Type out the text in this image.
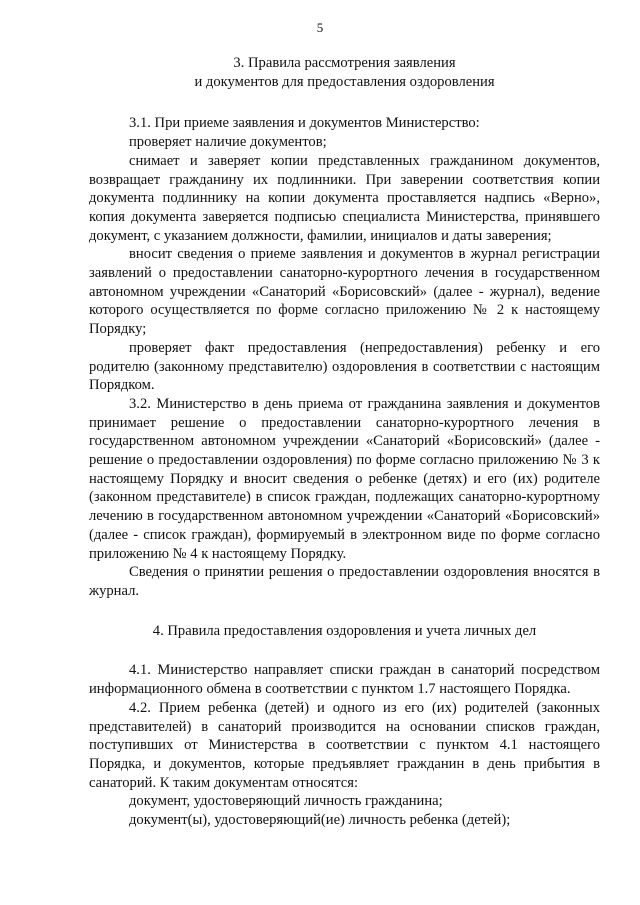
5
3. Правила рассмотрения заявления
и документов для предоставления оздоровления

3.1. При приеме заявления и документов Министерство:

проверяет наличие документов;

снимает и заверяет копии представленных гражданином документов, возвращает гражданину их подлинники. При заверении соответствия копии документа подлиннику на копии документа проставляется надпись «Верно», копия документа заверяется подписью специалиста Министерства, принявшего документ, с указанием должности, фамилии, инициалов и даты заверения;

вносит сведения о приеме заявления и документов в журнал регистрации заявлений о предоставлении санаторно-курортного лечения в государственном автономном учреждении «Санаторий «Борисовский» (далее - журнал), ведение которого осуществляется по форме согласно приложению № 2 к настоящему Порядку;

проверяет факт предоставления (непредоставления) ребенку и его родителю (законному представителю) оздоровления в соответствии с настоящим Порядком.

3.2. Министерство в день приема от гражданина заявления и документов принимает решение о предоставлении санаторно-курортного лечения в государственном автономном учреждении «Санаторий «Борисовский» (далее - решение о предоставлении оздоровления) по форме согласно приложению № 3 к настоящему Порядку и вносит сведения о ребенке (детях) и его (их) родителе (законном представителе) в список граждан, подлежащих санаторно-курортному лечению в государственном автономном учреждении «Санаторий «Борисовский» (далее - список граждан), формируемый в электронном виде по форме согласно приложению № 4 к настоящему Порядку.

Сведения о принятии решения о предоставлении оздоровления вносятся в журнал.

4. Правила предоставления оздоровления и учета личных дел

4.1. Министерство направляет списки граждан в санаторий посредством информационного обмена в соответствии с пунктом 1.7 настоящего Порядка.

4.2. Прием ребенка (детей) и одного из его (их) родителей (законных представителей) в санаторий производится на основании списков граждан, поступивших от Министерства в соответствии с пунктом 4.1 настоящего Порядка, и документов, которые предъявляет гражданин в день прибытия в санаторий. К таким документам относятся:

документ, удостоверяющий личность гражданина;

документ(ы), удостоверяющий(ие) личность ребенка (детей);
